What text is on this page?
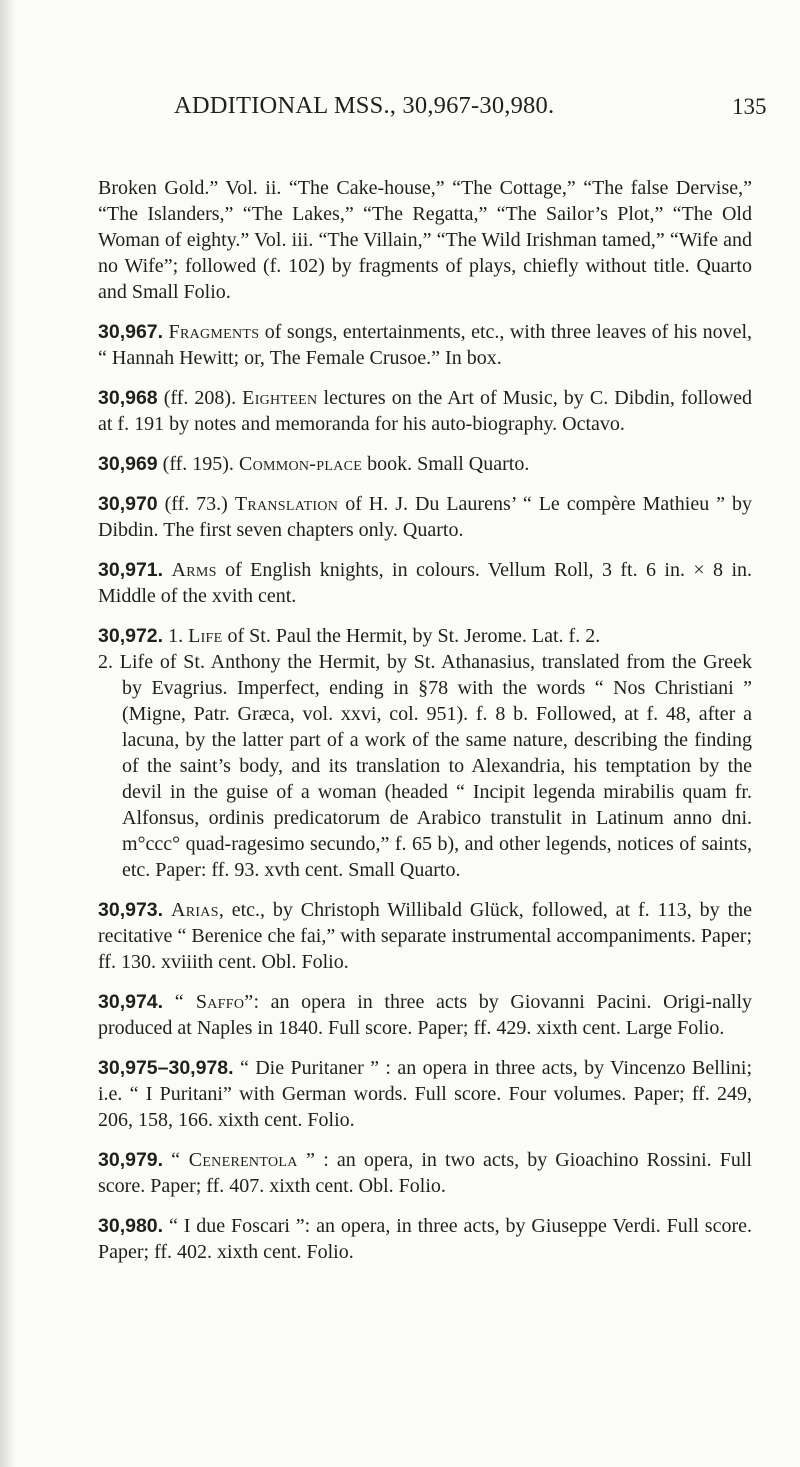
ADDITIONAL MSS., 30,967-30,980.	135

Broken Gold.” Vol. ii. “The Cake-house,” “The Cottage,” “The false Dervise,” “The Islanders,” “The Lakes,” “The Regatta,” “The Sailor’s Plot,” “The Old Woman of eighty.” Vol. iii. “The Villain,” “The Wild Irishman tamed,” “Wife and no Wife”; followed (f. 102) by fragments of plays, chiefly without title. Quarto and Small Folio.

30,967. Fragments of songs, entertainments, etc., with three leaves of his novel, “ Hannah Hewitt; or, The Female Crusoe.” In box.

30,968 (ff. 208). Eighteen lectures on the Art of Music, by C. Dibdin, followed at f. 191 by notes and memoranda for his auto-biography. Octavo.

30,969 (ff. 195). Common-place book. Small Quarto.

30,970 (ff. 73.) Translation of H. J. Du Laurens’ “ Le compère Mathieu ” by Dibdin. The first seven chapters only. Quarto.

30,971. Arms of English knights, in colours. Vellum Roll, 3 ft. 6 in. × 8 in. Middle of the xvith cent.

30,972. 1. Life of St. Paul the Hermit, by St. Jerome. Lat. f. 2.
2. Life of St. Anthony the Hermit, by St. Athanasius, translated from the Greek by Evagrius. Imperfect, ending in §78 with the words “ Nos Christiani ” (Migne, Patr. Græca, vol. xxvi, col. 951). f. 8 b. Followed, at f. 48, after a lacuna, by the latter part of a work of the same nature, describing the finding of the saint’s body, and its translation to Alexandria, his temptation by the devil in the guise of a woman (headed “ Incipit legenda mirabilis quam fr. Alfonsus, ordinis predicatorum de Arabico transtulit in Latinum anno dni. m°ccc° quad-ragesimo secundo,” f. 65 b), and other legends, notices of saints, etc. Paper: ff. 93. xvth cent. Small Quarto.

30,973. Arias, etc., by Christoph Willibald Glück, followed, at f. 113, by the recitative “ Berenice che fai,” with separate instrumental accompaniments. Paper; ff. 130. xviiith cent. Obl. Folio.

30,974. “ Saffo”: an opera in three acts by Giovanni Pacini. Origi-nally produced at Naples in 1840. Full score. Paper; ff. 429. xixth cent. Large Folio.

30,975–30,978. “ Die Puritaner ” : an opera in three acts, by Vincenzo Bellini; i.e. “ I Puritani” with German words. Full score. Four volumes. Paper; ff. 249, 206, 158, 166. xixth cent. Folio.

30,979. “ Cenerentola ” : an opera, in two acts, by Gioachino Rossini. Full score. Paper; ff. 407. xixth cent. Obl. Folio.

30,980. “ I due Foscari ”: an opera, in three acts, by Giuseppe Verdi. Full score. Paper; ff. 402. xixth cent. Folio.
